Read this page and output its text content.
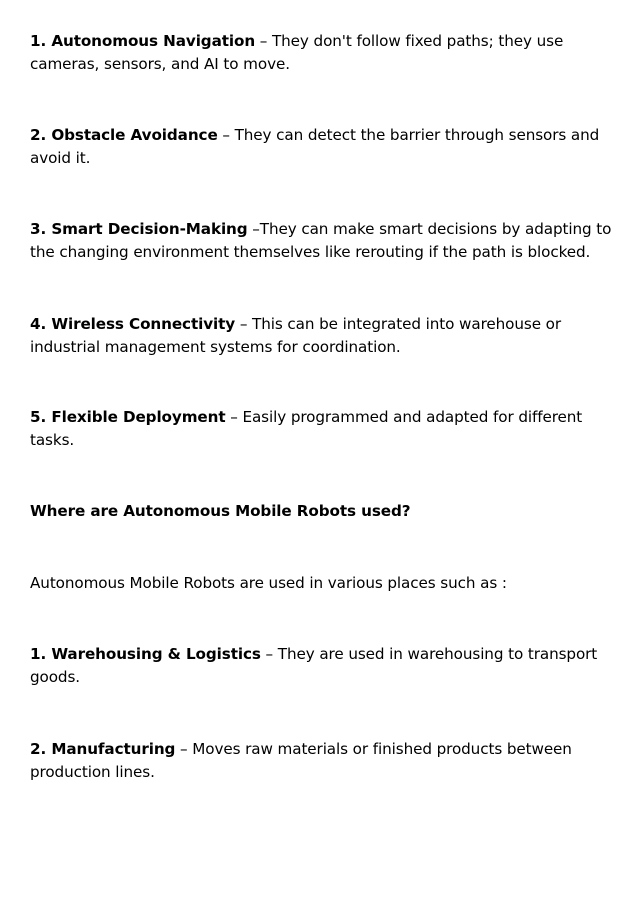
1. Autonomous Navigation – They don't follow fixed paths; they use cameras, sensors, and AI to move.

2. Obstacle Avoidance – They can detect the barrier through sensors and avoid it.

3. Smart Decision-Making –They can make smart decisions by adapting to the changing environment themselves like rerouting if the path is blocked.

4. Wireless Connectivity – This can be integrated into warehouse or industrial management systems for coordination.

5. Flexible Deployment – Easily programmed and adapted for different tasks.

Where are Autonomous Mobile Robots used?

Autonomous Mobile Robots are used in various places such as :

1. Warehousing & Logistics – They are used in warehousing to transport goods.

2. Manufacturing – Moves raw materials or finished products between production lines.
